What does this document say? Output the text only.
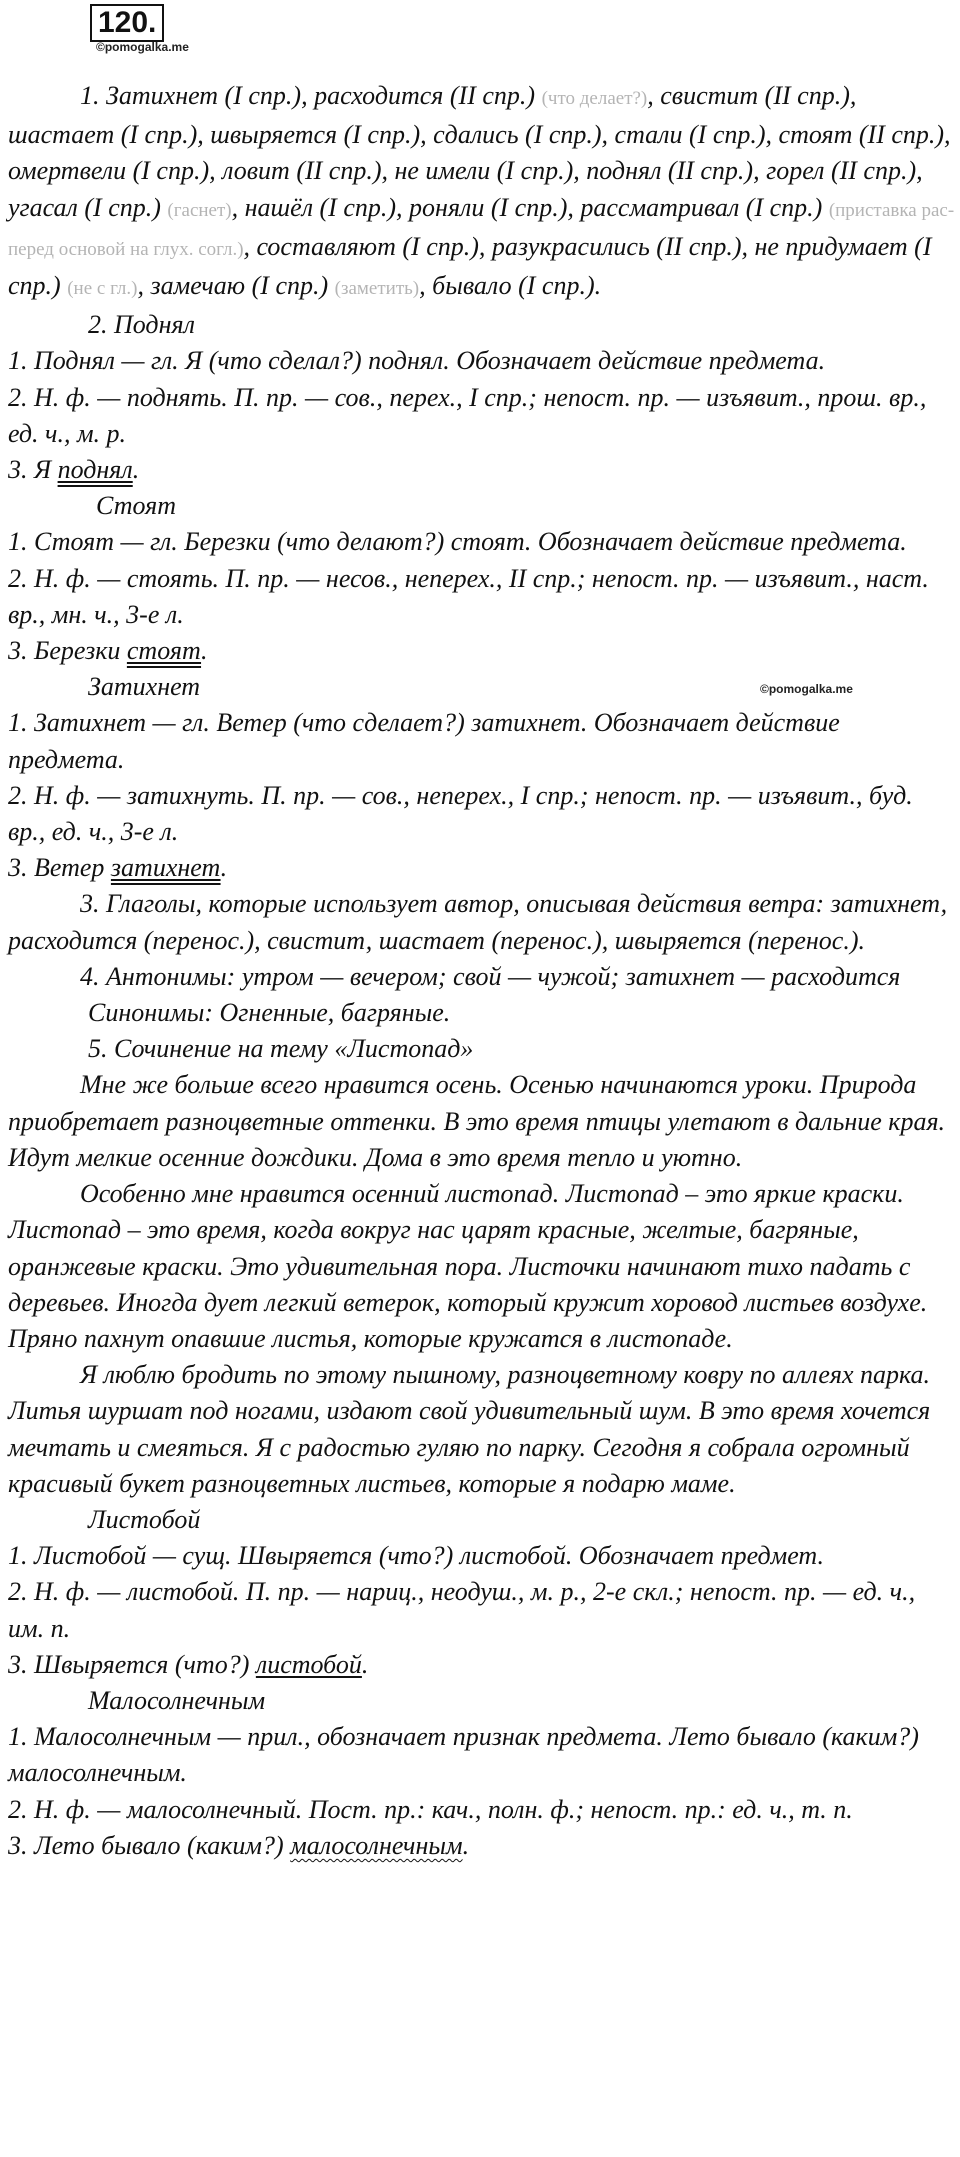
120.
©pomogalka.me
©pomogalka.me

1. Затихнет (I спр.), расходится (II спр.) (что делает?), свистит (II спр.), шастает (I спр.), швыряется (I спр.), сдались (I спр.), стали (I спр.), стоят (II спр.), омертвели (I спр.), ловит (II спр.), не имели (I спр.), поднял (II спр.), горел (II спр.), угасал (I спр.) (гаснет), нашёл (I спр.), роняли (I спр.), рассматривал (I спр.) (приставка рас- перед основой на глух. согл.), составляют (I спр.), разукрасились (II спр.), не придумает (I спр.) (не с гл.), замечаю (I спр.) (заметить), бывало (I спр.).

2. Поднял

1. Поднял — гл. Я (что сделал?) поднял. Обозначает действие предмета.

2. Н. ф. — поднять. П. пр. — сов., перех., I спр.; непост. пр. — изъявит., прош. вр., ед. ч., м. р.

3. Я поднял.

Стоят

1. Стоят — гл. Березки (что делают?) стоят. Обозначает действие предмета.

2. Н. ф. — стоять. П. пр. — несов., неперех., II спр.; непост. пр. — изъявит., наст. вр., мн. ч., 3-е л.

3. Березки стоят.

Затихнет

1. Затихнет — гл. Ветер (что сделает?) затихнет. Обозначает действие предмета.

2. Н. ф. — затихнуть. П. пр. — сов., неперех., I спр.; непост. пр. — изъявит., буд. вр., ед. ч., 3-е л.

3. Ветер затихнет.

3. Глаголы, которые использует автор, описывая действия ветра: затихнет, расходится (перенос.), свистит, шастает (перенос.), швыряется (перенос.).

4. Антонимы: утром — вечером; свой — чужой; затихнет — расходится

Синонимы: Огненные, багряные.

5. Сочинение на тему «Листопад»

Мне же больше всего нравится осень. Осенью начинаются уроки. Природа приобретает разноцветные оттенки. В это время птицы улетают в дальние края. Идут мелкие осенние дождики. Дома в это время тепло и уютно.

Особенно мне нравится осенний листопад. Листопад – это яркие краски. Листопад – это время, когда вокруг нас царят красные, желтые, багряные, оранжевые краски. Это удивительная пора. Листочки начинают тихо падать с деревьев. Иногда дует легкий ветерок, который кружит хоровод листьев воздухе. Пряно пахнут опавшие листья, которые кружатся в листопаде.

Я люблю бродить по этому пышному, разноцветному ковру по аллеях парка. Литья шуршат под ногами, издают свой удивительный шум. В это время хочется мечтать и смеяться. Я с радостью гуляю по парку. Сегодня я собрала огромный красивый букет разноцветных листьев, которые я подарю маме.

Листобой

1. Листобой — сущ. Швыряется (что?) листобой. Обозначает предмет.

2. Н. ф. — листобой. П. пр. — нариц., неодуш., м. р., 2-е скл.; непост. пр. — ед. ч., им. п.

3. Швыряется (что?) листобой.

Малосолнечным

1. Малосолнечным — прил., обозначает признак предмета. Лето бывало (каким?) малосолнечным.

2. Н. ф. — малосолнечный. Пост. пр.: кач., полн. ф.; непост. пр.: ед. ч., т. п.

3. Лето бывало (каким?) малосолнечным.
